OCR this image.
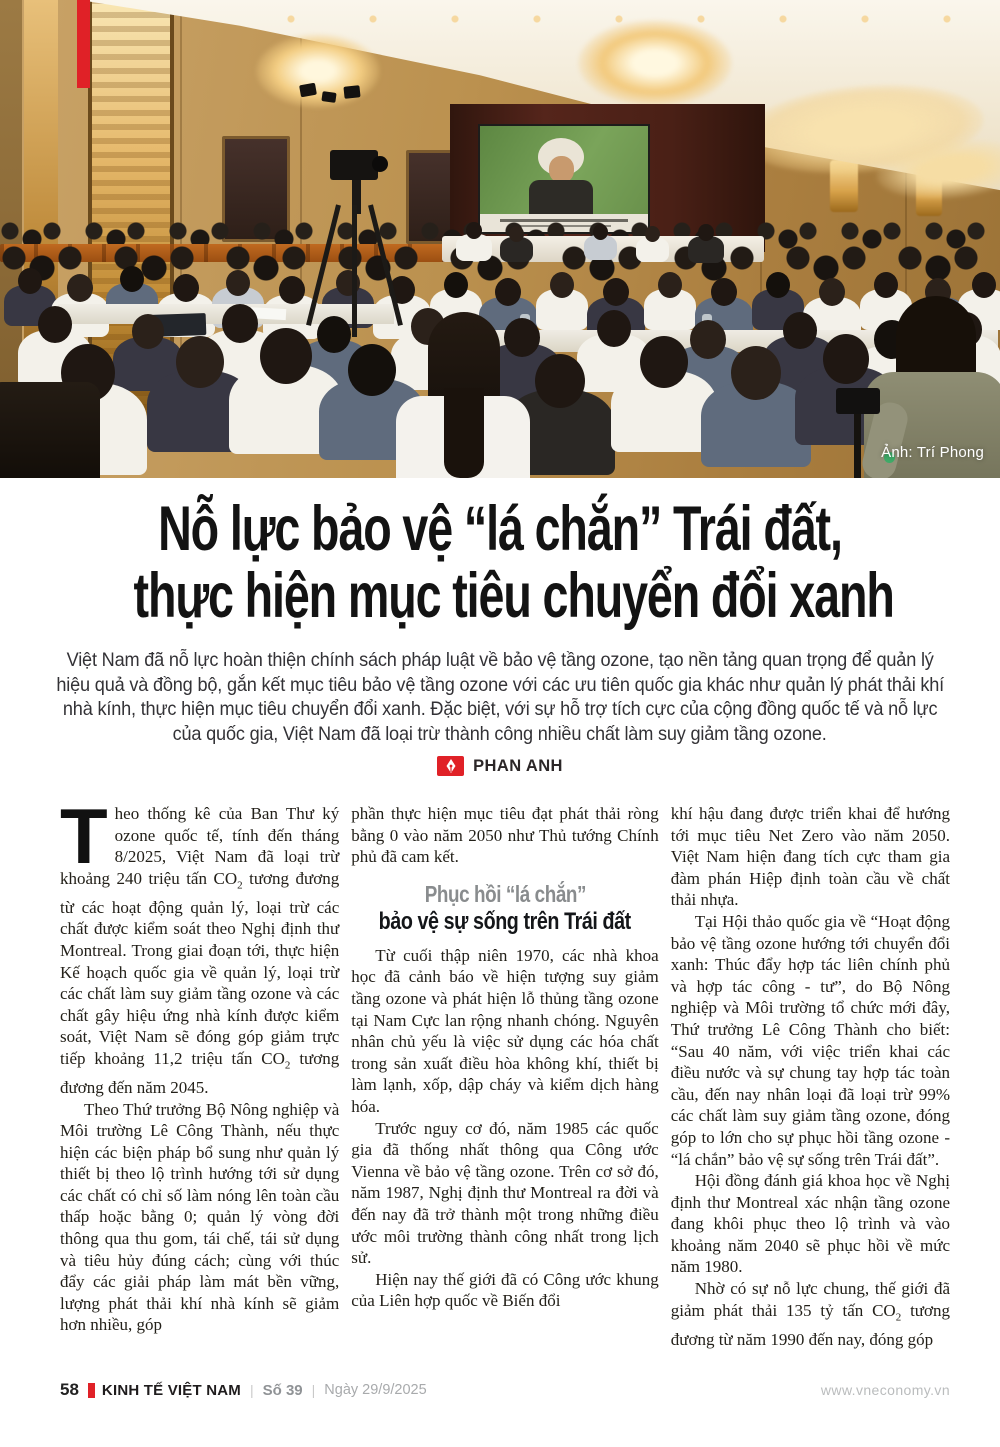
Ảnh: Trí Phong
Nỗ lực bảo vệ “lá chắn” Trái đất,
thực hiện mục tiêu chuyển đổi xanh
Việt Nam đã nỗ lực hoàn thiện chính sách pháp luật về bảo vệ tầng ozone, tạo nền tảng quan trọng để quản lý
hiệu quả và đồng bộ, gắn kết mục tiêu bảo vệ tầng ozone với các ưu tiên quốc gia khác như quản lý phát thải khí
nhà kính, thực hiện mục tiêu chuyển đổi xanh. Đặc biệt, với sự hỗ trợ tích cực của cộng đồng quốc tế và nỗ lực
của quốc gia, Việt Nam đã loại trừ thành công nhiều chất làm suy giảm tầng ozone.
PHAN ANH

Theo thống kê của Ban Thư ký ozone quốc tế, tính đến tháng 8/2025, Việt Nam đã loại trừ khoảng 240 triệu tấn $CO_2$ tương đương từ các hoạt động quản lý, loại trừ các chất được kiểm soát theo Nghị định thư Montreal. Trong giai đoạn tới, thực hiện Kế hoạch quốc gia về quản lý, loại trừ các chất làm suy giảm tầng ozone và các chất gây hiệu ứng nhà kính được kiểm soát, Việt Nam sẽ đóng góp giảm trực tiếp khoảng 11,2 triệu tấn $CO_2$ tương đương đến năm 2045.

Theo Thứ trưởng Bộ Nông nghiệp và Môi trường Lê Công Thành, nếu thực hiện các biện pháp bổ sung như quản lý thiết bị theo lộ trình hướng tới sử dụng các chất có chỉ số làm nóng lên toàn cầu thấp hoặc bằng 0; quản lý vòng đời thông qua thu gom, tái chế, tái sử dụng và tiêu hủy đúng cách; cùng với thúc đẩy các giải pháp làm mát bền vững, lượng phát thải khí nhà kính sẽ giảm hơn nhiều, góp

phần thực hiện mục tiêu đạt phát thải ròng bằng 0 vào năm 2050 như Thủ tướng Chính phủ đã cam kết.

Phục hồi “lá chắn”
bảo vệ sự sống trên Trái đất

Từ cuối thập niên 1970, các nhà khoa học đã cảnh báo về hiện tượng suy giảm tầng ozone và phát hiện lỗ thủng tầng ozone tại Nam Cực lan rộng nhanh chóng. Nguyên nhân chủ yếu là việc sử dụng các hóa chất trong sản xuất điều hòa không khí, thiết bị làm lạnh, xốp, dập cháy và kiểm dịch hàng hóa.

Trước nguy cơ đó, năm 1985 các quốc gia đã thống nhất thông qua Công ước Vienna về bảo vệ tầng ozone. Trên cơ sở đó, năm 1987, Nghị định thư Montreal ra đời và đến nay đã trở thành một trong những điều ước môi trường thành công nhất trong lịch sử.

Hiện nay thế giới đã có Công ước khung của Liên hợp quốc về Biến đổi

khí hậu đang được triển khai để hướng tới mục tiêu Net Zero vào năm 2050. Việt Nam hiện đang tích cực tham gia đàm phán Hiệp định toàn cầu về chất thải nhựa.

Tại Hội thảo quốc gia về “Hoạt động bảo vệ tầng ozone hướng tới chuyển đổi xanh: Thúc đẩy hợp tác liên chính phủ và hợp tác công - tư”, do Bộ Nông nghiệp và Môi trường tổ chức mới đây, Thứ trưởng Lê Công Thành cho biết: “Sau 40 năm, với việc triển khai các điều nước và sự chung tay hợp tác toàn cầu, đến nay nhân loại đã loại trừ 99% các chất làm suy giảm tầng ozone, đóng góp to lớn cho sự phục hồi tầng ozone - “lá chắn” bảo vệ sự sống trên Trái đất”.

Hội đồng đánh giá khoa học về Nghị định thư Montreal xác nhận tầng ozone đang khôi phục theo lộ trình và vào khoảng năm 2040 sẽ phục hồi về mức năm 1980.

Nhờ có sự nỗ lực chung, thế giới đã giảm phát thải 135 tỷ tấn $CO_2$ tương đương từ năm 1990 đến nay, đóng góp

58 KINH TẾ VIỆT NAM | Số 39 | Ngày 29/9/2025	www.vneconomy.vn
